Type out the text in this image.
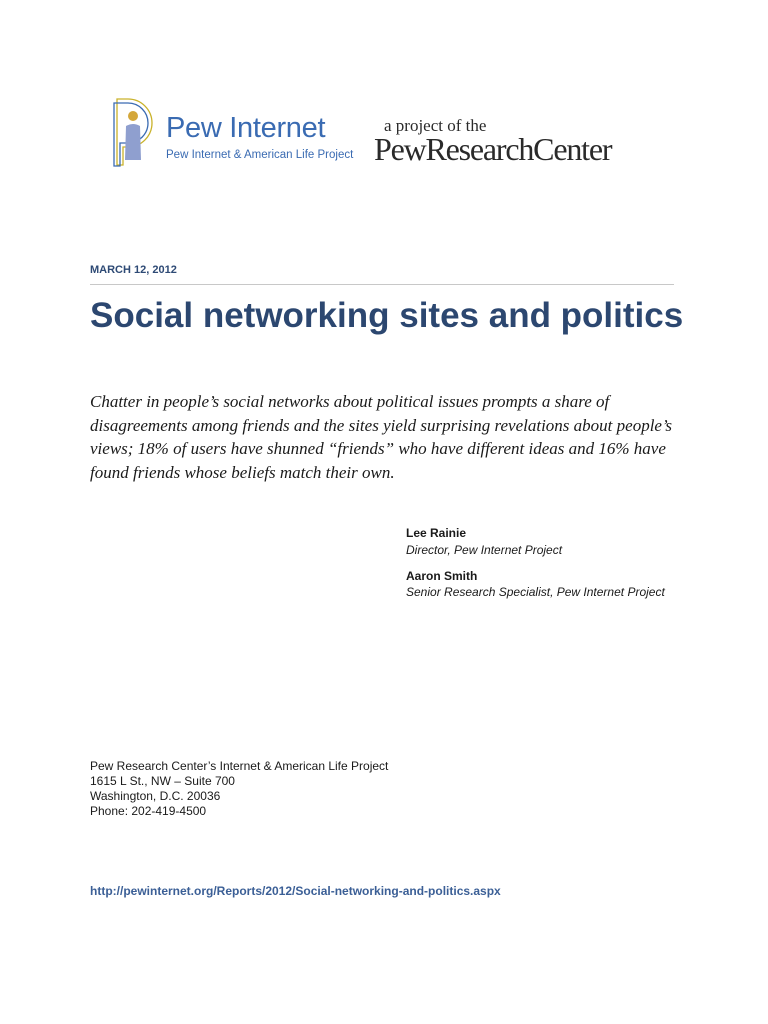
Pew Internet
Pew Internet & American Life Project
a project of the
PewResearchCenter
MARCH 12, 2012
Social networking sites and politics

Chatter in people’s social networks about political issues prompts a share of disagreements among friends and the sites yield surprising revelations about people’s views; 18% of users have shunned “friends” who have different ideas and 16% have found friends whose beliefs match their own.

Lee Rainie
Director, Pew Internet Project
Aaron Smith
Senior Research Specialist, Pew Internet Project
Pew Research Center’s Internet & American Life Project
1615 L St., NW – Suite 700
Washington, D.C. 20036
Phone: 202-419-4500
http://pewinternet.org/Reports/2012/Social-networking-and-politics.aspx
